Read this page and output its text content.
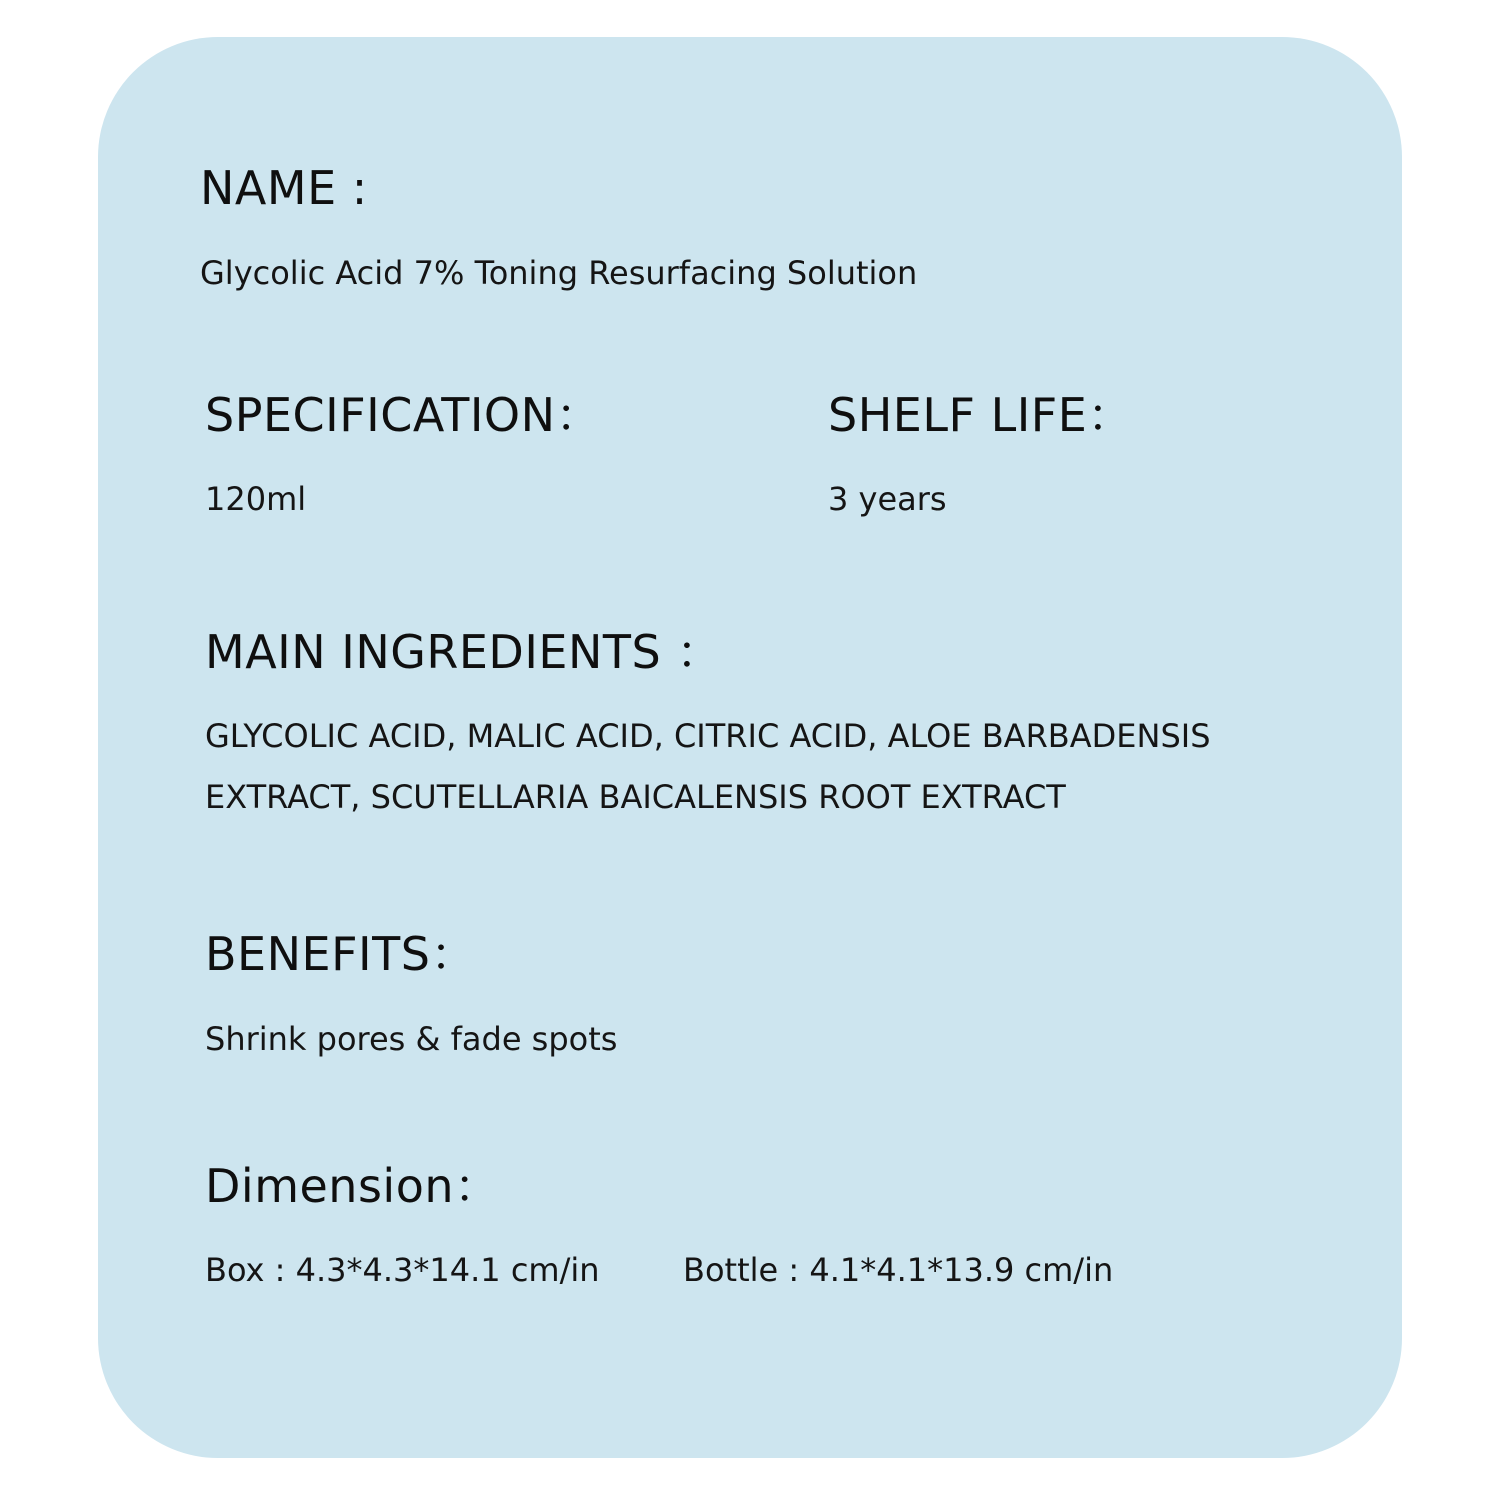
NAME :
Glycolic Acid 7% Toning Resurfacing Solution
SPECIFICATION：
120ml
SHELF LIFE：
3 years
MAIN INGREDIENTS ：
GLYCOLIC ACID, MALIC ACID, CITRIC ACID, ALOE BARBADENSIS EXTRACT, SCUTELLARIA BAICALENSIS ROOT EXTRACT
BENEFITS：
Shrink pores & fade spots
Dimension：
Box : 4.3*4.3*14.1 cm/in	Bottle : 4.1*4.1*13.9 cm/in
